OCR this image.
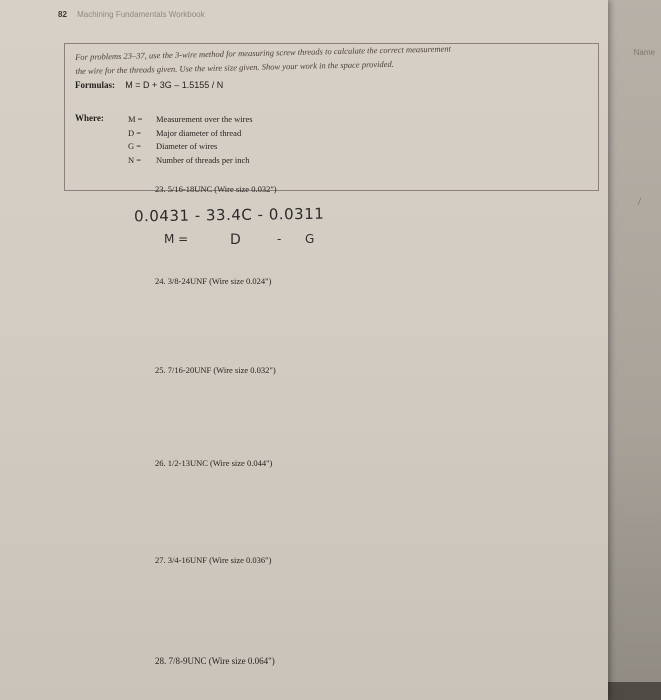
Name
/
82 Machining Fundamentals Workbook
For problems 23–37, use the 3-wire method for measuring screw threads to calculate the correct measurement
the wire for the threads given. Use the wire size given. Show your work in the space provided.
Formulas: M = D + 3G – 1.5155 / N
Where:	M =	Measurement over the wires
D =	Major diameter of thread
G =	Diameter of wires
N =	Number of threads per inch
23. 5/16-18UNC (Wire size 0.032")
0.0431 - 33.4C - 0.0311
M =	D	- G
24. 3/8-24UNF (Wire size 0.024")
25. 7/16-20UNF (Wire size 0.032")
26. 1/2-13UNC (Wire size 0.044")
27. 3/4-16UNF (Wire size 0.036")
28. 7/8-9UNC (Wire size 0.064")
